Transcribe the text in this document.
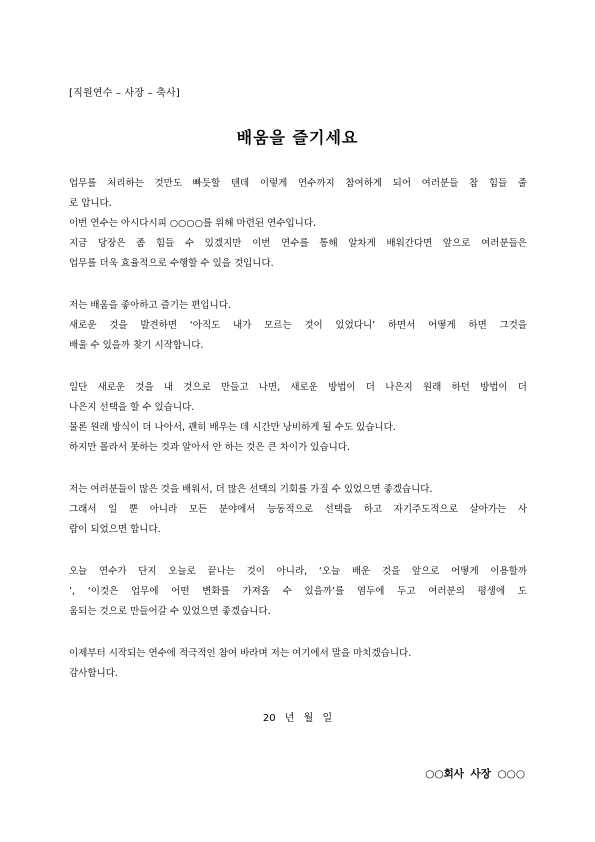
[직원연수 – 사장 – 축사]
배움을 즐기세요
업무를 처리하는 것만도 빠듯할 텐데 이렇게 연수까지 참여하게 되어 여러분들 참 힘들 줄
로 압니다.
이번 연수는 아시다시피 ○○○○를 위해 마련된 연수입니다.
지금 당장은 좀 힘들 수 있겠지만 이번 연수를 통해 알차게 배워간다면 앞으로 여러분들은
업무를 더욱 효율적으로 수행할 수 있을 것입니다.
저는 배움을 좋아하고 즐기는 편입니다.
새로운 것을 발견하면 ‘아직도 내가 모르는 것이 있었다니’ 하면서 어떻게 하면 그것을
배울 수 있을까 찾기 시작합니다.
일단 새로운 것을 내 것으로 만들고 나면, 새로운 방법이 더 나은지 원래 하던 방법이 더
나은지 선택을 할 수 있습니다.
물론 원래 방식이 더 나아서, 괜히 배우는 데 시간만 낭비하게 될 수도 있습니다.
하지만 몰라서 못하는 것과 알아서 안 하는 것은 큰 차이가 있습니다.
저는 여러분들이 많은 것을 배워서, 더 많은 선택의 기회를 가질 수 있었으면 좋겠습니다.
그래서 일 뿐 아니라 모든 분야에서 능동적으로 선택을 하고 자기주도적으로 살아가는 사
람이 되었으면 합니다.
오늘 연수가 단지 오늘로 끝나는 것이 아니라, ‘오늘 배운 것을 앞으로 어떻게 이용할까
’, ‘이것은 업무에 어떤 변화를 가져올 수 있을까’를 염두에 두고 여러분의 평생에 도
움되는 것으로 만들어갈 수 있었으면 좋겠습니다.
이제부터 시작되는 연수에 적극적인 참여 바라며 저는 여기에서 말을 마치겠습니다.
감사합니다.
20 년 월 일
○○회사 사장 ○○○
